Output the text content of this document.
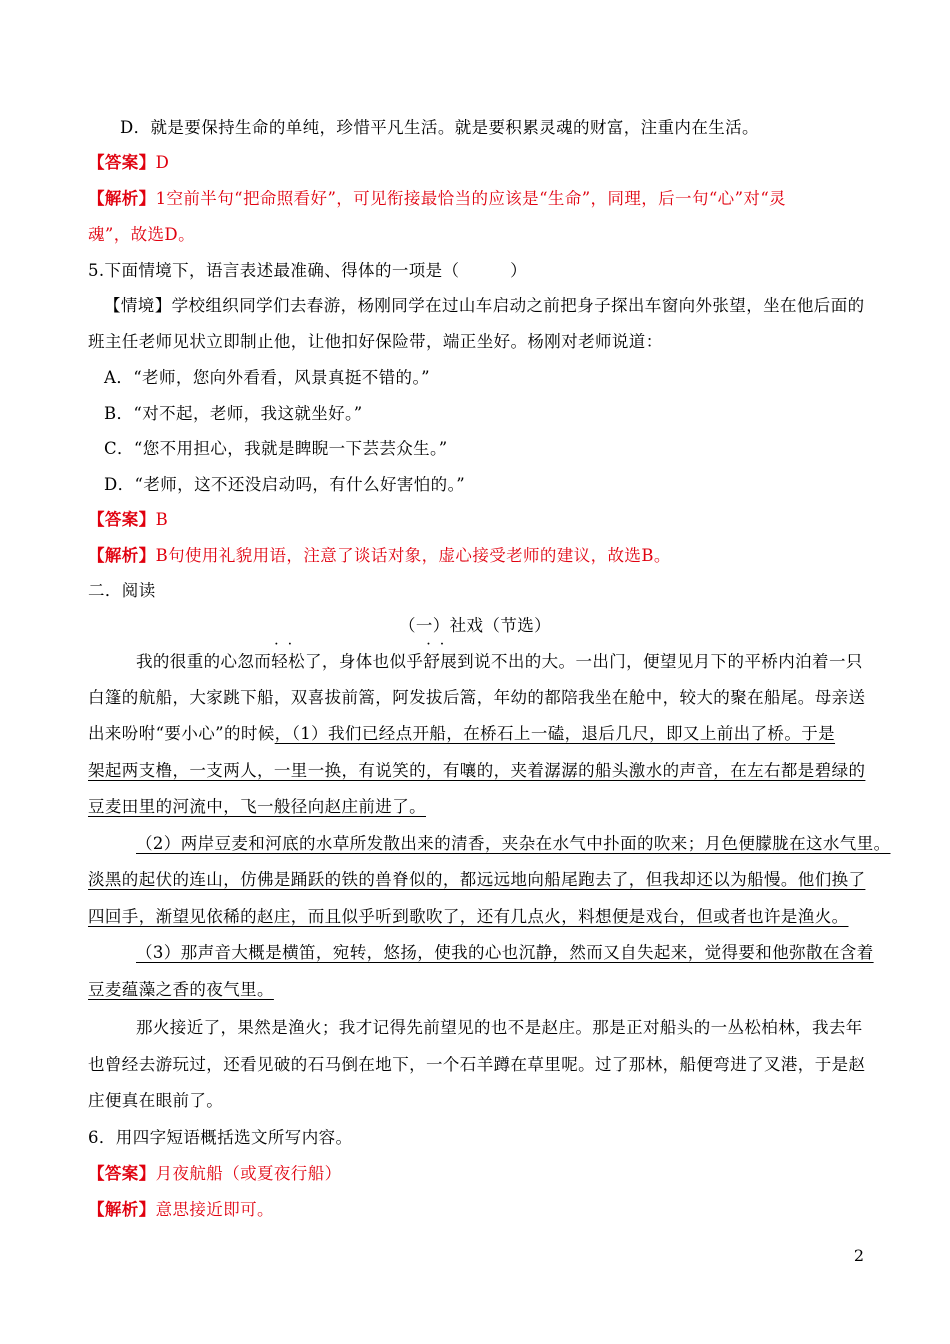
D．就是要保持生命的单纯，珍惜平凡生活。就是要积累灵魂的财富，注重内在生活。
【答案】D
【解析】1空前半句“把命照看好”，可见衔接最恰当的应该是“生命”，同理，后一句“心”对“灵
魂”，故选D。
5.下面情境下，语言表述最准确、得体的一项是（　　　）
【情境】学校组织同学们去春游，杨刚同学在过山车启动之前把身子探出车窗向外张望，坐在他后面的
班主任老师见状立即制止他，让他扣好保险带，端正坐好。杨刚对老师说道：
A．“老师，您向外看看，风景真挺不错的。”
B．“对不起，老师，我这就坐好。”
C．“您不用担心，我就是睥睨一下芸芸众生。”
D．“老师，这不还没启动吗，有什么好害怕的。”
【答案】B
【解析】B句使用礼貌用语，注意了谈话对象，虚心接受老师的建议，故选B。
二．阅读
（一）社戏（节选）
我的很重的心忽而
··
轻松了，身体也似乎
··
舒展到说不出的大。一出门，便望见月下的平桥内泊着一只
白篷的航船，大家跳下船，双喜拔前篙，阿发拔后篙，年幼的都陪我坐在舱中，较大的聚在船尾。母亲送
出来吩咐“要小心”的时候，（1）我们已经点开船，在桥石上一磕，退后几尺，即又上前出了桥。于是
架起两支橹，一支两人，一里一换，有说笑的，有嚷的，夹着潺潺的船头激水的声音，在左右都是碧绿的
豆麦田里的河流中，飞一般径向赵庄前进了。
（2）两岸豆麦和河底的水草所发散出来的清香，夹杂在水气中扑面的吹来；月色便朦胧在这水气里。
淡黑的起伏的连山，仿佛是踊跃的铁的兽脊似的，都远远地向船尾跑去了，但我却还以为船慢。他们换了
四回手，渐望见依稀的赵庄，而且似乎听到歌吹了，还有几点火，料想便是戏台，但或者也许是渔火。
（3）那声音大概是横笛，宛转，悠扬，使我的心也沉静，然而又自失起来，觉得要和他弥散在含着
豆麦蕴藻之香的夜气里。
那火接近了，果然是渔火；我才记得先前望见的也不是赵庄。那是正对船头的一丛松柏林，我去年
也曾经去游玩过，还看见破的石马倒在地下，一个石羊蹲在草里呢。过了那林，船便弯进了叉港，于是赵
庄便真在眼前了。
6．用四字短语概括选文所写内容。
【答案】月夜航船（或夏夜行船）
【解析】意思接近即可。
2
